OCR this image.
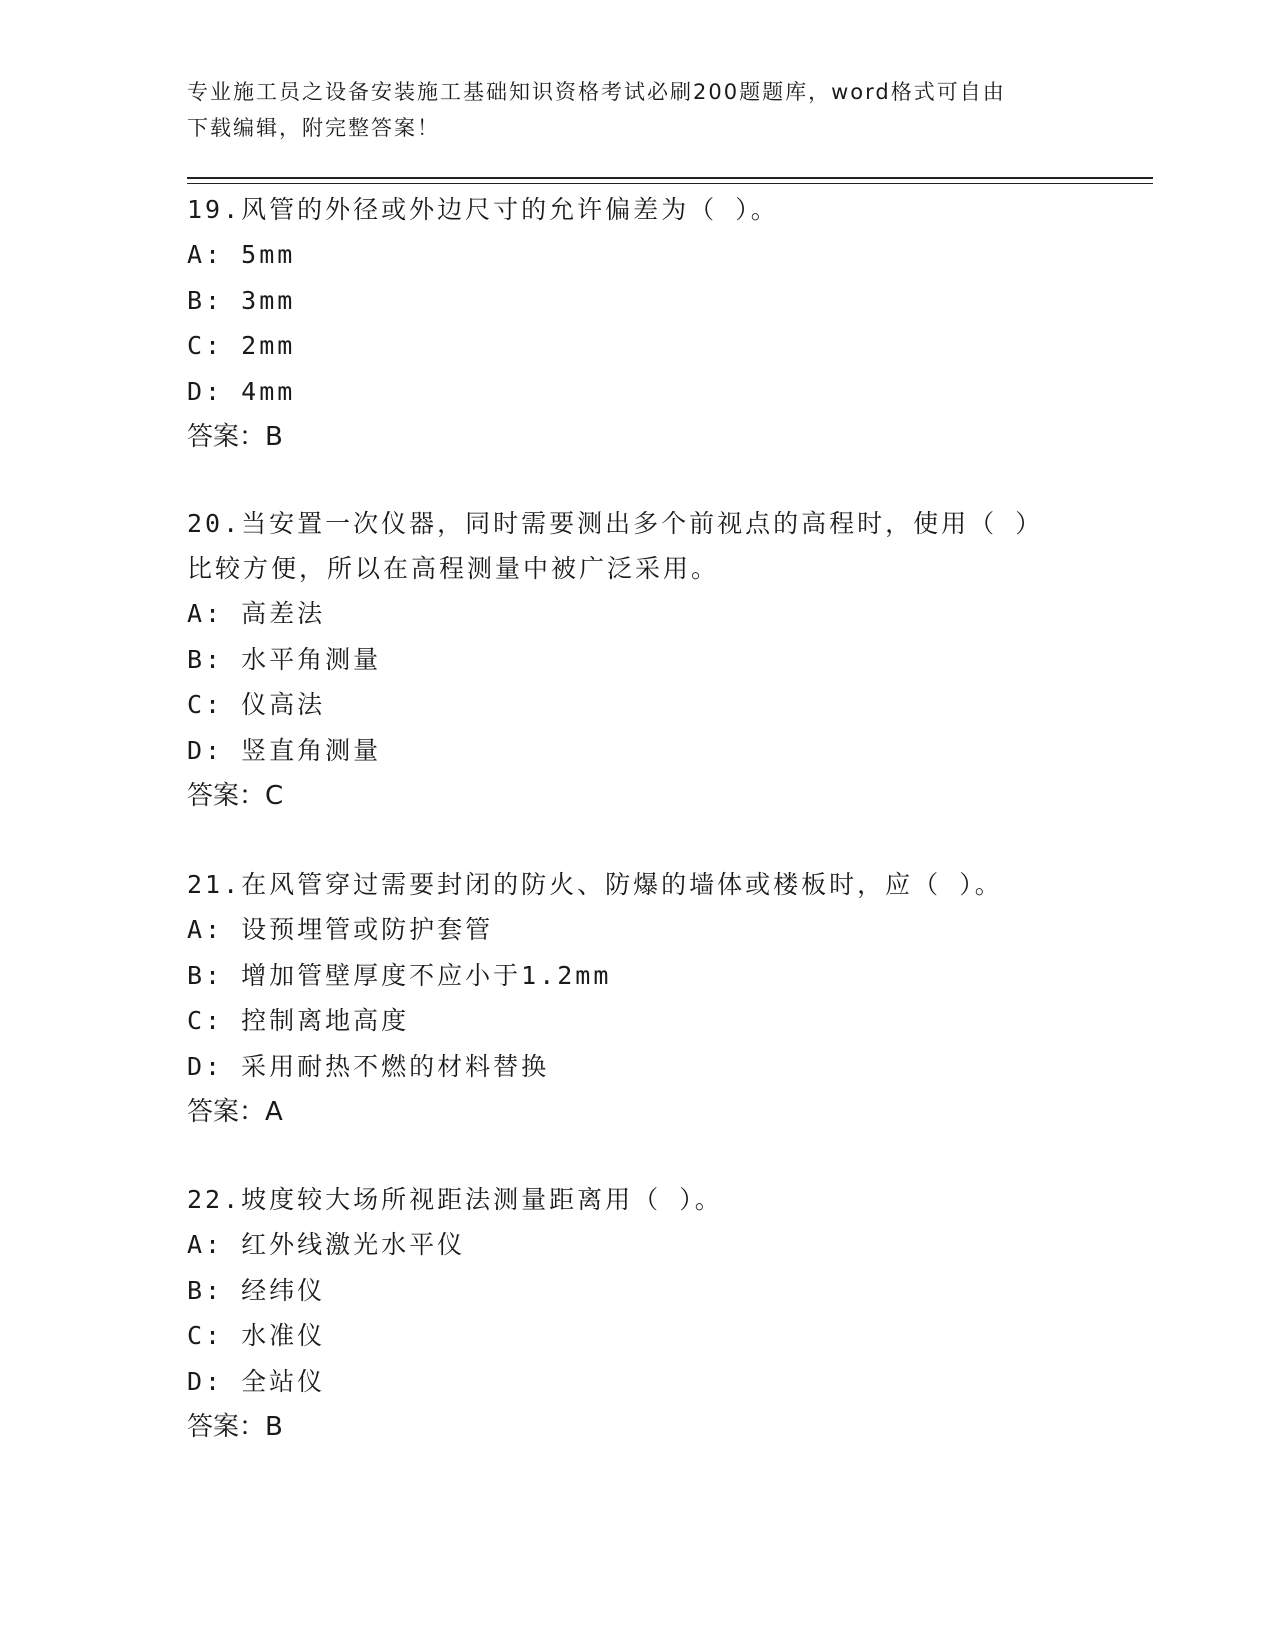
专业施工员之设备安装施工基础知识资格考试必刷200题题库，word格式可自由
下载编辑，附完整答案！
19.风管的外径或外边尺寸的允许偏差为（ ）。
A: 5mm
B: 3mm
C: 2mm
D: 4mm
答案：B
20.当安置一次仪器，同时需要测出多个前视点的高程时，使用（ ）
比较方便，所以在高程测量中被广泛采用。
A: 高差法
B: 水平角测量
C: 仪高法
D: 竖直角测量
答案：C
21.在风管穿过需要封闭的防火、防爆的墙体或楼板时，应（ ）。
A: 设预埋管或防护套管
B: 增加管壁厚度不应小于1.2mm
C: 控制离地高度
D: 采用耐热不燃的材料替换
答案：A
22.坡度较大场所视距法测量距离用（ ）。
A: 红外线激光水平仪
B: 经纬仪
C: 水准仪
D: 全站仪
答案：B
